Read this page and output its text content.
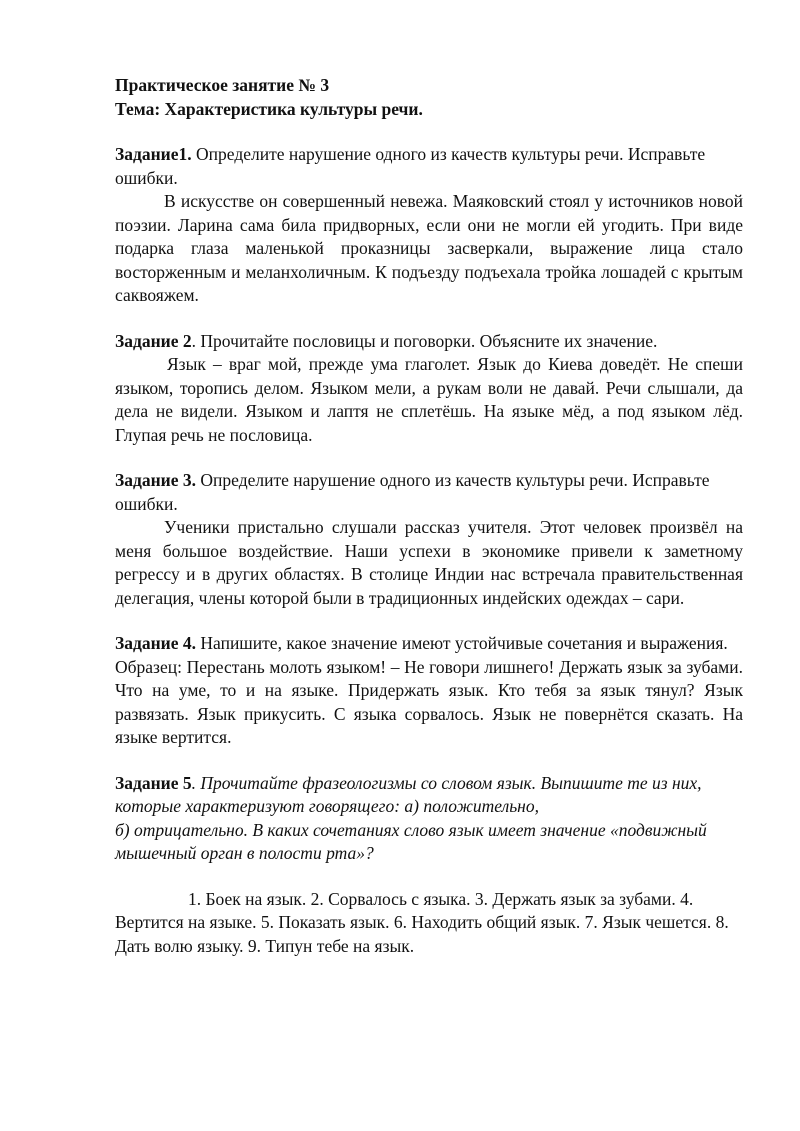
Практическое занятие № 3

Тема: Характеристика культуры речи.

Задание1. Определите нарушение одного из качеств культуры речи. Исправьте ошибки.

В искусстве он совершенный невежа. Маяковский стоял у источников новой поэзии. Ларина сама била придворных, если они не могли ей угодить. При виде подарка глаза маленькой проказницы засверкали, выражение лица стало восторженным и меланхоличным. К подъезду подъехала тройка лошадей с крытым саквояжем.

Задание 2. Прочитайте пословицы и поговорки. Объясните их значение.

Язык – враг мой, прежде ума глаголет. Язык до Киева доведёт. Не спеши языком, торопись делом. Языком мели, а рукам воли не давай. Речи слышали, да дела не видели. Языком и лаптя не сплетёшь. На языке мёд, а под языком лёд. Глупая речь не пословица.

Задание 3. Определите нарушение одного из качеств культуры речи. Исправьте ошибки.

Ученики пристально слушали рассказ учителя. Этот человек произвёл на меня большое воздействие. Наши успехи в экономике привели к заметному регрессу и в других областях. В столице Индии нас встречала правительственная делегация, члены которой были в традиционных индейских одеждах – сари.

Задание 4. Напишите, какое значение имеют устойчивые сочетания и выражения.

Образец: Перестань молоть языком! – Не говори лишнего! Держать язык за зубами. Что на уме, то и на языке. Придержать язык. Кто тебя за язык тянул? Язык развязать. Язык прикусить. С языка сорвалось. Язык не повернётся сказать. На языке вертится.

Задание 5. Прочитайте фразеологизмы со словом язык. Выпишите те из них, которые характеризуют говорящего: а) положительно,

б) отрицательно. В каких сочетаниях слово язык имеет значение «подвижный мышечный орган в полости рта»?

1. Боек на язык. 2. Сорвалось с языка. 3. Держать язык за зубами. 4. Вертится на языке. 5. Показать язык. 6. Находить общий язык. 7. Язык чешется. 8. Дать волю языку. 9. Типун тебе на язык.
